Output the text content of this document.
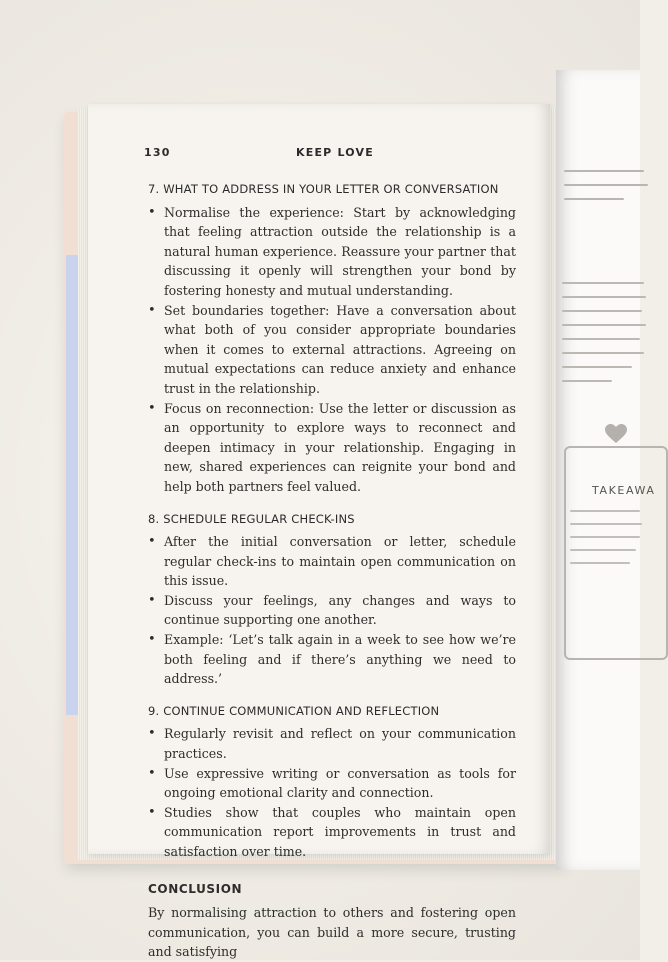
130	KEEP LOVE
7. WHAT TO ADDRESS IN YOUR LETTER OR CONVERSATION
• Normalise the experience: Start by acknowledging that feeling attraction outside the relationship is a natural human experience. Reassure your partner that discussing it openly will strengthen your bond by fostering honesty and mutual understanding.
• Set boundaries together: Have a conversation about what both of you consider appropriate boundaries when it comes to external attractions. Agreeing on mutual expectations can reduce anxiety and enhance trust in the relationship.
• Focus on reconnection: Use the letter or discussion as an opportunity to explore ways to reconnect and deepen intimacy in your relationship. Engaging in new, shared experiences can reignite your bond and help both partners feel valued.
8. SCHEDULE REGULAR CHECK-INS
• After the initial conversation or letter, schedule regular check-ins to maintain open communication on this issue.
• Discuss your feelings, any changes and ways to continue supporting one another.
• Example: ‘Let’s talk again in a week to see how we’re both feeling and if there’s anything we need to address.’
9. CONTINUE COMMUNICATION AND REFLECTION
• Regularly revisit and reflect on your communication practices.
• Use expressive writing or conversation as tools for ongoing emotional clarity and connection.
• Studies show that couples who maintain open communication report improvements in trust and satisfaction over time.
CONCLUSION

By normalising attraction to others and fostering open communication, you can build a more secure, trusting and satisfying

TAKEAWA
